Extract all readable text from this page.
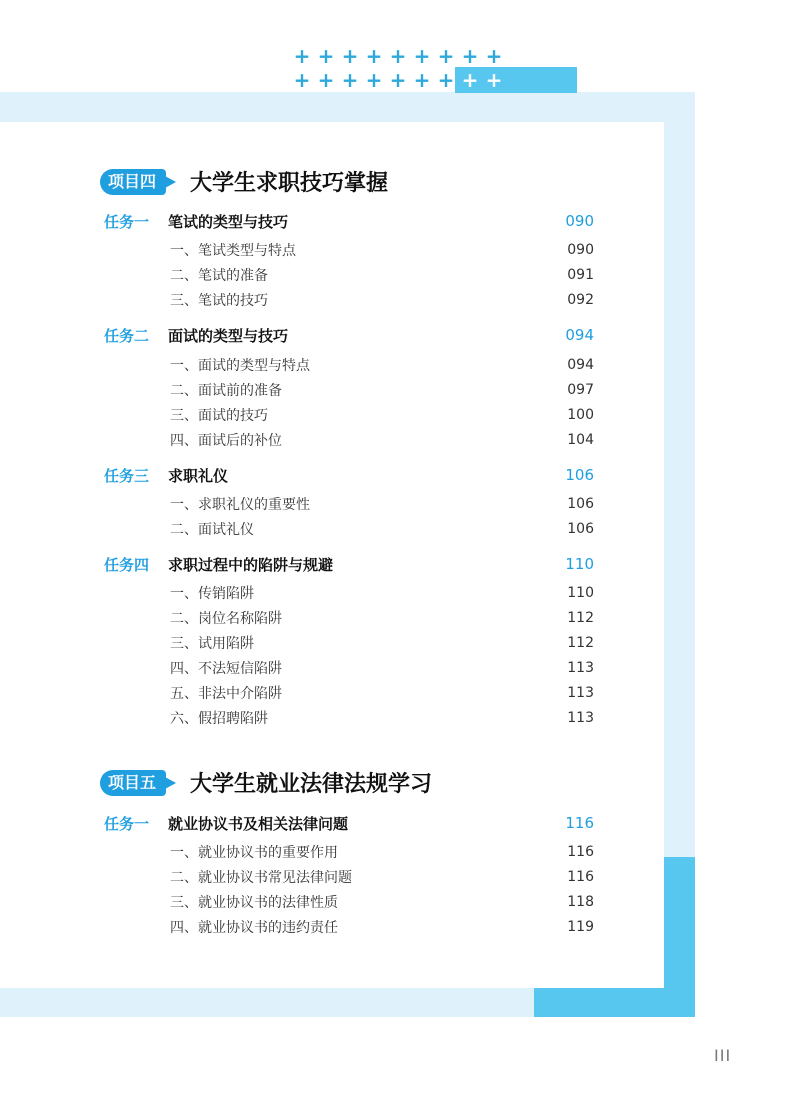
+ + + + + + + + +
+ + + + + + + + +
项目四	大学生求职技巧掌握
任务一	笔试的类型与技巧	090
一、笔试类型与特点	090
二、笔试的准备	091
三、笔试的技巧	092
任务二	面试的类型与技巧	094
一、面试的类型与特点	094
二、面试前的准备	097
三、面试的技巧	100
四、面试后的补位	104
任务三	求职礼仪	106
一、求职礼仪的重要性	106
二、面试礼仪	106
任务四	求职过程中的陷阱与规避	110
一、传销陷阱	110
二、岗位名称陷阱	112
三、试用陷阱	112
四、不法短信陷阱	113
五、非法中介陷阱	113
六、假招聘陷阱	113
项目五	大学生就业法律法规学习
任务一	就业协议书及相关法律问题	116
一、就业协议书的重要作用	116
二、就业协议书常见法律问题	116
三、就业协议书的法律性质	118
四、就业协议书的违约责任	119
III
